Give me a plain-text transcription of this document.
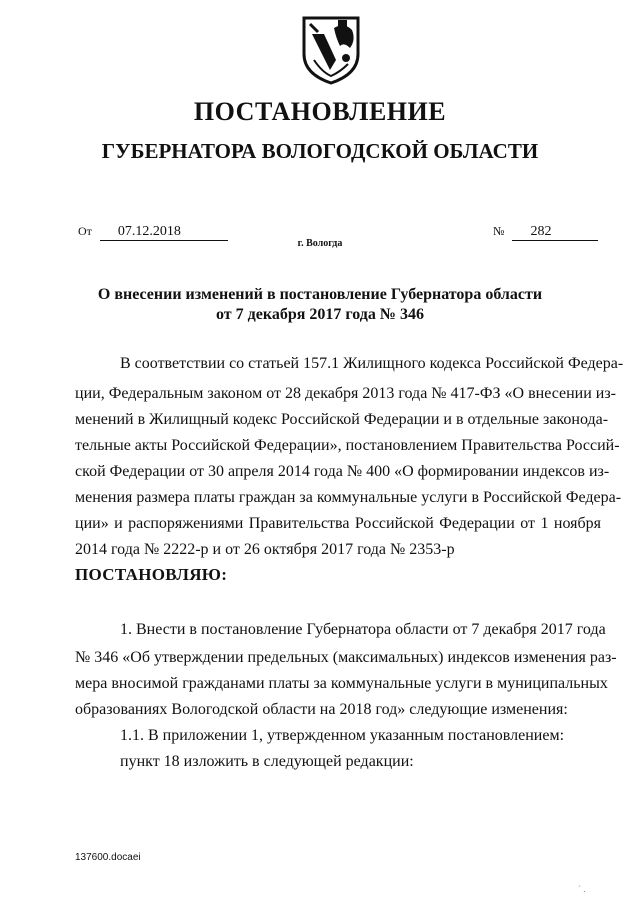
ПОСТАНОВЛЕНИЕ
ГУБЕРНАТОРА ВОЛОГОДСКОЙ ОБЛАСТИ
От 07.12.2018	№ 282
г. Вологда
О внесении изменений в постановление Губернатора области
от 7 декабря 2017 года № 346
В соответствии со статьей 157.1 Жилищного кодекса Российской Федера-
ции, Федеральным законом от 28 декабря 2013 года № 417-ФЗ «О внесении из-
менений в Жилищный кодекс Российской Федерации и в отдельные законода-
тельные акты Российской Федерации», постановлением Правительства Россий-
ской Федерации от 30 апреля 2014 года № 400 «О формировании индексов из-
менения размера платы граждан за коммунальные услуги в Российской Федера-
ции» и распоряжениями Правительства Российской Федерации от 1 ноября
2014 года № 2222-р и от 26 октября 2017 года № 2353-р
ПОСТАНОВЛЯЮ:
1. Внести в постановление Губернатора области от 7 декабря 2017 года
№ 346 «Об утверждении предельных (максимальных) индексов изменения раз-
мера вносимой гражданами платы за коммунальные услуги в муниципальных
образованиях Вологодской области на 2018 год» следующие изменения:
1.1. В приложении 1, утвержденном указанным постановлением:
пункт 18 изложить в следующей редакции:
137600.docaei
´ .
